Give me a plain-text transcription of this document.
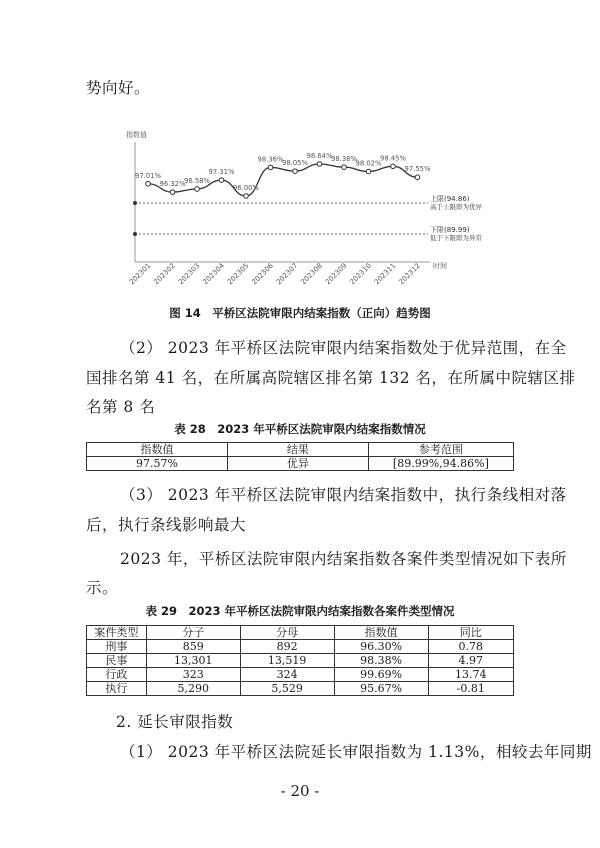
势向好。
指数值
时间
上限(94.86)
高于上限即为优异
下限(89.99)
低于下限即为异常
97.01%
96.32%
96.58%
97.31%
96.00%
98.36%
98.05%
98.64%
98.38%
98.02%
98.45%
97.55%
202301 202302 202303 202304 202305 202306 202307 202308 202309 202310 202311 202312
图 14　平桥区法院审限内结案指数（正向）趋势图
（2） 2023 年平桥区法院审限内结案指数处于优异范围，在全
国排名第 41 名，在所属高院辖区排名第 132 名，在所属中院辖区排
名第 8 名
表 28　2023 年平桥区法院审限内结案指数情况
指数值	结果	参考范围
97.57%	优异	[89.99%,94.86%]
（3） 2023 年平桥区法院审限内结案指数中，执行条线相对落
后，执行条线影响最大
2023 年，平桥区法院审限内结案指数各案件类型情况如下表所
示。
表 29　2023 年平桥区法院审限内结案指数各案件类型情况
案件类型	分子	分母	指数值	同比
刑事	859	892	96.30%	0.78
民事	13,301	13,519	98.38%	4.97
行政	323	324	99.69%	13.74
执行	5,290	5,529	95.67%	-0.81
2. 延长审限指数
（1） 2023 年平桥区法院延长审限指数为 1.13%，相较去年同期
- 20 -
